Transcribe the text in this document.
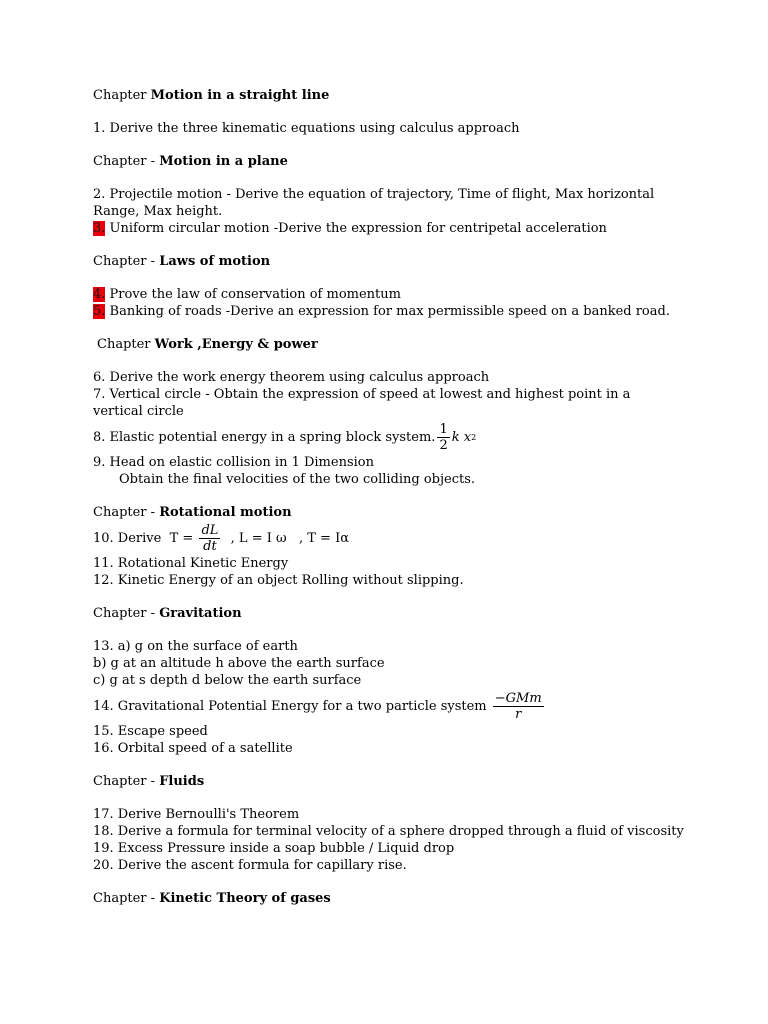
Chapter Motion in a straight line
1. Derive the three kinematic equations using calculus approach
Chapter - Motion in a plane
2. Projectile motion - Derive the equation of trajectory, Time of flight, Max horizontal Range, Max height.
3. Uniform circular motion -Derive the expression for centripetal acceleration
Chapter - Laws of motion
4. Prove the law of conservation of momentum
5. Banking of roads -Derive an expression for max permissible speed on a banked road.
Chapter Work ,Energy & power
6. Derive the work energy theorem using calculus approach
7. Vertical circle - Obtain the expression of speed at lowest and highest point in a vertical circle
8. Elastic potential energy in a spring block system. $\frac{1}{2}$ k
x 2
9. Head on elastic collision in 1 Dimension
Obtain the final velocities of the two colliding objects.
Chapter - Rotational motion
10. Derive  $T = \frac{dL}{dt}$ , L = I ω   , T = Iα
11. Rotational Kinetic Energy
12. Kinetic Energy of an object Rolling without slipping.
Chapter - Gravitation
13. a) g on the surface of earth
b) g at an altitude h above the earth surface
c) g at s depth d below the earth surface
14. Gravitational Potential Energy for a two particle system $\frac{\text{−GMm}}{r}$
15. Escape speed
16. Orbital speed of a satellite
Chapter - Fluids
17. Derive Bernoulli's Theorem
18. Derive a formula for terminal velocity of a sphere dropped through a fluid of viscosity
19. Excess Pressure inside a soap bubble / Liquid drop
20. Derive the ascent formula for capillary rise.
Chapter - Kinetic Theory of gases
